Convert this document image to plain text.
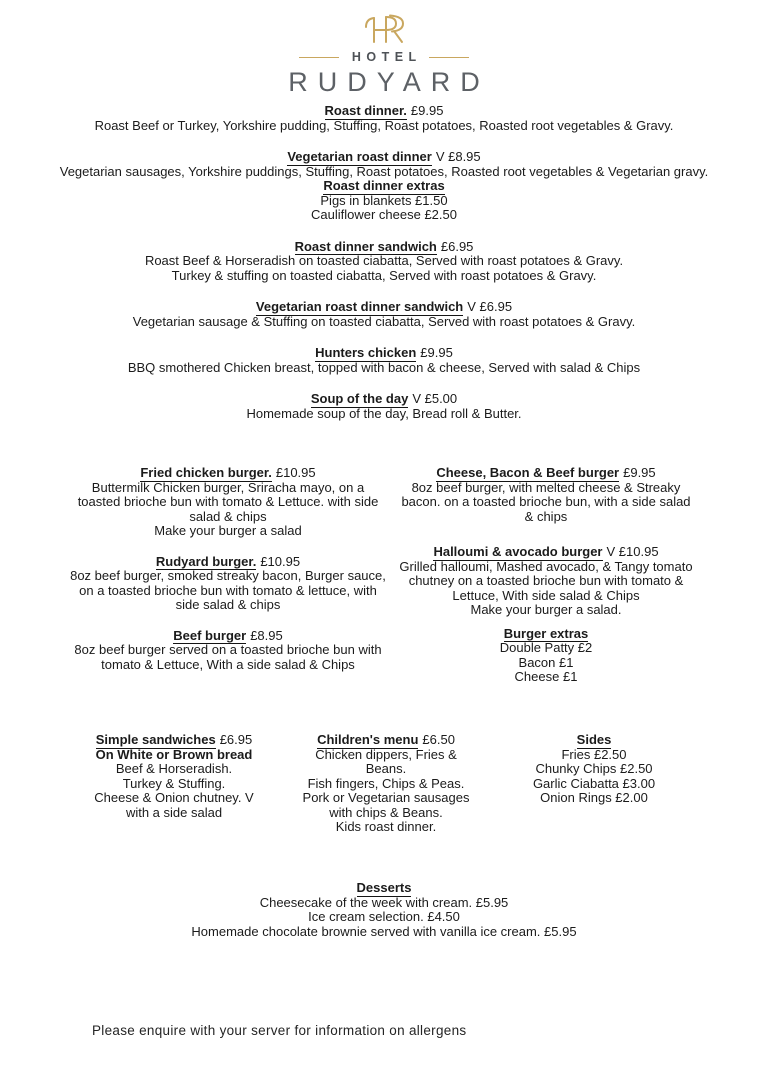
HOTEL
RUDYARD
Roast dinner. £9.95
Roast Beef or Turkey, Yorkshire pudding, Stuffing, Roast potatoes, Roasted root vegetables & Gravy.
Vegetarian roast dinner V £8.95
Vegetarian sausages, Yorkshire puddings, Stuffing, Roast potatoes, Roasted root vegetables & Vegetarian gravy.
Roast dinner extras
Pigs in blankets £1.50
Cauliflower cheese £2.50
Roast dinner sandwich £6.95
Roast Beef & Horseradish on toasted ciabatta, Served with roast potatoes & Gravy.
Turkey & stuffing on toasted ciabatta, Served with roast potatoes & Gravy.
Vegetarian roast dinner sandwich V £6.95
Vegetarian sausage & Stuffing on toasted ciabatta, Served with roast potatoes & Gravy.
Hunters chicken £9.95
BBQ smothered Chicken breast, topped with bacon & cheese, Served with salad & Chips
Soup of the day V £5.00
Homemade soup of the day, Bread roll & Butter.
Fried chicken burger. £10.95
Buttermilk Chicken burger, Sriracha mayo, on a toasted brioche bun with tomato & Lettuce. with side salad & chips
Make your burger a salad
Rudyard burger. £10.95
8oz beef burger, smoked streaky bacon, Burger sauce, on a toasted brioche bun with tomato & lettuce, with side salad & chips
Beef burger £8.95
8oz beef burger served on a toasted brioche bun with tomato & Lettuce, With a side salad & Chips
Cheese, Bacon & Beef burger £9.95
8oz beef burger, with melted cheese & Streaky bacon. on a toasted brioche bun, with a side salad & chips
Halloumi & avocado burger V £10.95
Grilled halloumi, Mashed avocado, & Tangy tomato chutney on a toasted brioche bun with tomato & Lettuce, With side salad & Chips
Make your burger a salad.
Burger extras
Double Patty £2
Bacon £1
Cheese £1
Simple sandwiches £6.95
On White or Brown bread
Beef & Horseradish.
Turkey & Stuffing.
Cheese & Onion chutney. V
with a side salad
Children's menu £6.50
Chicken dippers, Fries & Beans.
Fish fingers, Chips & Peas.
Pork or Vegetarian sausages with chips & Beans.
Kids roast dinner.
Sides
Fries £2.50
Chunky Chips £2.50
Garlic Ciabatta £3.00
Onion Rings £2.00
Desserts
Cheesecake of the week with cream. £5.95
Ice cream selection. £4.50
Homemade chocolate brownie served with vanilla ice cream. £5.95
Please enquire with your server for information on allergens
